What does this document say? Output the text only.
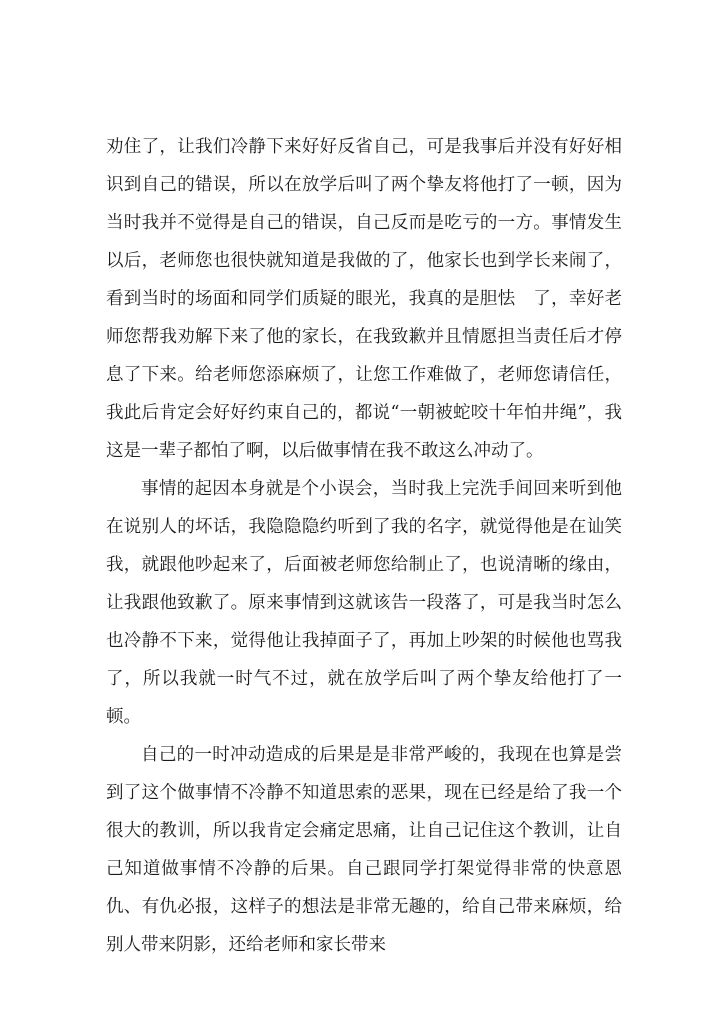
劝住了，让我们冷静下来好好反省自己，可是我事后并没有好好相识到自己的错误，所以在放学后叫了两个挚友将他打了一顿，因为当时我并不觉得是自己的错误，自己反而是吃亏的一方。事情发生以后，老师您也很快就知道是我做的了，他家长也到学长来闹了，看到当时的场面和同学们质疑的眼光，我真的是胆怯　了，幸好老师您帮我劝解下来了他的家长，在我致歉并且情愿担当责任后才停息了下来。给老师您添麻烦了，让您工作难做了，老师您请信任，我此后肯定会好好约束自己的，都说“一朝被蛇咬十年怕井绳”，我这是一辈子都怕了啊，以后做事情在我不敢这么冲动了。

事情的起因本身就是个小误会，当时我上完洗手间回来听到他在说别人的坏话，我隐隐隐约听到了我的名字，就觉得他是在讪笑我，就跟他吵起来了，后面被老师您给制止了，也说清晰的缘由，让我跟他致歉了。原来事情到这就该告一段落了，可是我当时怎么也冷静不下来，觉得他让我掉面子了，再加上吵架的时候他也骂我了，所以我就一时气不过，就在放学后叫了两个挚友给他打了一顿。

自己的一时冲动造成的后果是是非常严峻的，我现在也算是尝到了这个做事情不冷静不知道思索的恶果，现在已经是给了我一个很大的教训，所以我肯定会痛定思痛，让自己记住这个教训，让自己知道做事情不冷静的后果。自己跟同学打架觉得非常的快意恩仇、有仇必报，这样子的想法是非常无趣的，给自己带来麻烦，给别人带来阴影，还给老师和家长带来
